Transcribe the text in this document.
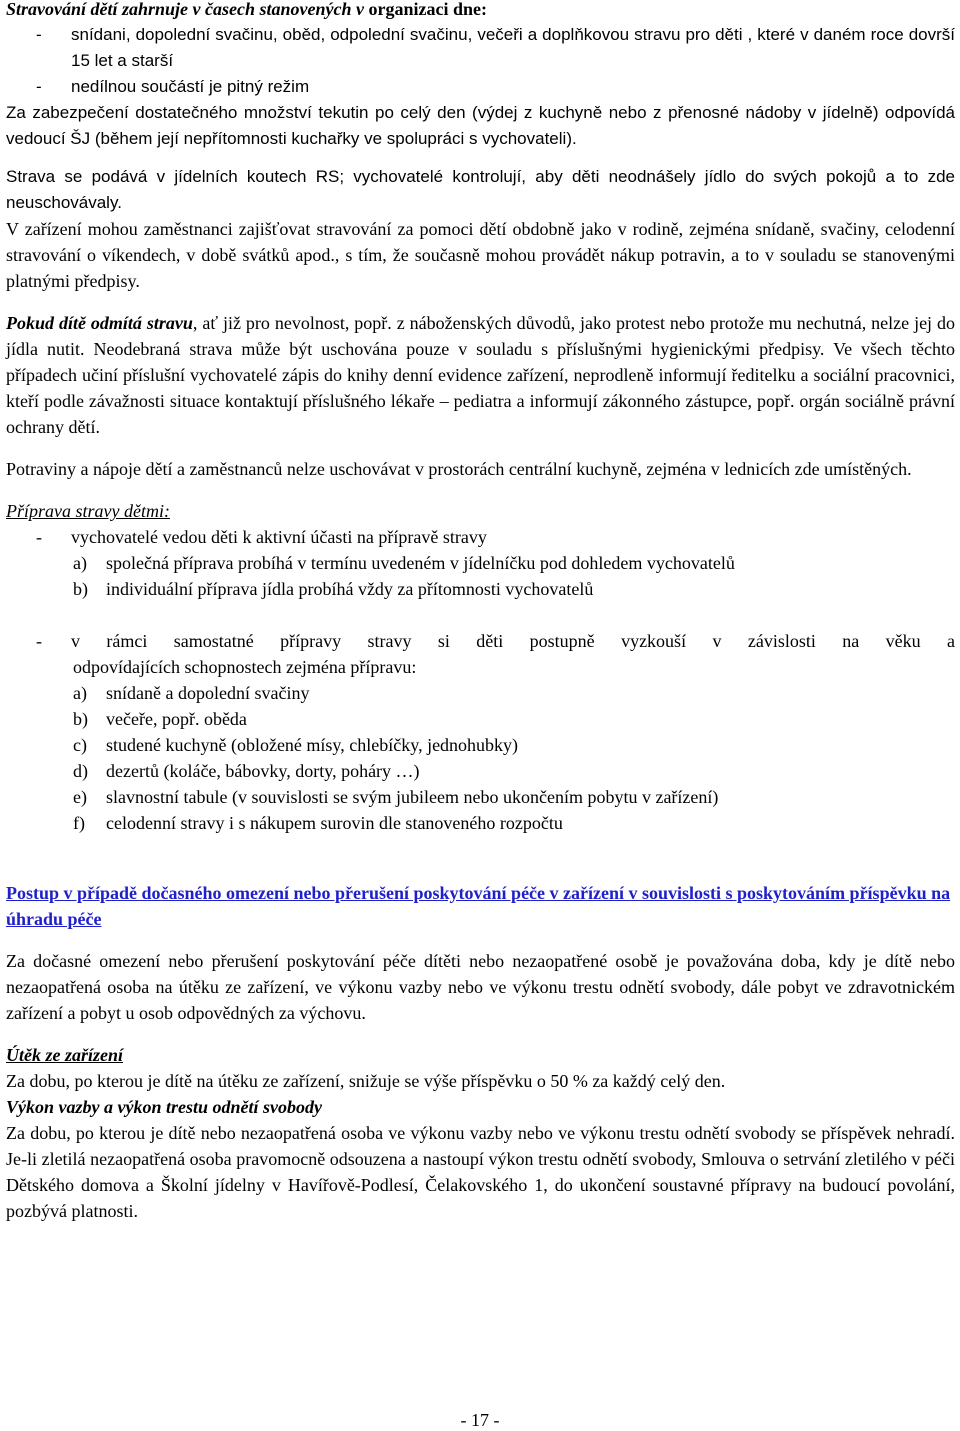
Stravování dětí zahrnuje v časech stanovených v organizaci dne:
-	snídani, dopolední svačinu, oběd, odpolední svačinu, večeři a doplňkovou stravu pro děti , které v daném roce dovrší 15 let a starší
-	nedílnou součástí je pitný režim
Za zabezpečení dostatečného množství tekutin po celý den (výdej z kuchyně nebo z přenosné nádoby v jídelně) odpovídá vedoucí ŠJ (během její nepřítomnosti kuchařky ve spolupráci s vychovateli).
Strava se podává v jídelních koutech RS; vychovatelé kontrolují, aby děti neodnášely jídlo do svých pokojů a to zde neuschovávaly.
V zařízení mohou zaměstnanci zajišťovat stravování za pomoci dětí obdobně jako v rodině, zejména snídaně, svačiny, celodenní stravování o víkendech, v době svátků apod., s tím, že současně mohou provádět nákup potravin, a to v souladu se stanovenými platnými předpisy.
Pokud dítě odmítá stravu, ať již pro nevolnost, popř. z náboženských důvodů, jako protest nebo protože mu nechutná, nelze jej do jídla nutit. Neodebraná strava může být uschována pouze v souladu s příslušnými hygienickými předpisy. Ve všech těchto případech učiní příslušní vychovatelé zápis do knihy denní evidence zařízení, neprodleně informují ředitelku a sociální pracovnici, kteří podle závažnosti situace kontaktují příslušného lékaře – pediatra a informují zákonného zástupce, popř. orgán sociálně právní ochrany dětí.
Potraviny a nápoje dětí a zaměstnanců nelze uschovávat v prostorách centrální kuchyně, zejména v lednicích zde umístěných.
Příprava stravy dětmi:
-	vychovatelé vedou děti k aktivní účasti na přípravě stravy
a)	společná příprava probíhá v termínu uvedeném v jídelníčku pod dohledem vychovatelů
b)	individuální příprava jídla probíhá vždy za přítomnosti vychovatelů
-	v rámci samostatné přípravy stravy si děti postupně vyzkouší v závislosti na věku a
odpovídajících schopnostech zejména přípravu:
a)	snídaně a dopolední svačiny
b)	večeře, popř. oběda
c)	studené kuchyně (obložené mísy, chlebíčky, jednohubky)
d)	dezertů (koláče, bábovky, dorty, poháry …)
e)	slavnostní tabule (v souvislosti se svým jubileem nebo ukončením pobytu v zařízení)
f)	celodenní stravy i s nákupem surovin dle stanoveného rozpočtu
Postup v případě dočasného omezení nebo přerušení poskytování péče v zařízení v souvislosti s poskytováním příspěvku na úhradu péče
Za dočasné omezení nebo přerušení poskytování péče dítěti nebo nezaopatřené osobě je považována doba, kdy je dítě nebo nezaopatřená osoba na útěku ze zařízení, ve výkonu vazby nebo ve výkonu trestu odnětí svobody, dále pobyt ve zdravotnickém zařízení a pobyt u osob odpovědných za výchovu.
Útěk ze zařízení
Za dobu, po kterou je dítě na útěku ze zařízení, snižuje se výše příspěvku o 50 % za každý celý den.
Výkon vazby a výkon trestu odnětí svobody
Za dobu, po kterou je dítě nebo nezaopatřená osoba ve výkonu vazby nebo ve výkonu trestu odnětí svobody se příspěvek nehradí. Je-li zletilá nezaopatřená osoba pravomocně odsouzena a nastoupí výkon trestu odnětí svobody, Smlouva o setrvání zletilého v péči Dětského domova a Školní jídelny v Havířově-Podlesí, Čelakovského 1, do ukončení soustavné přípravy na budoucí povolání, pozbývá platnosti.
- 17 -
